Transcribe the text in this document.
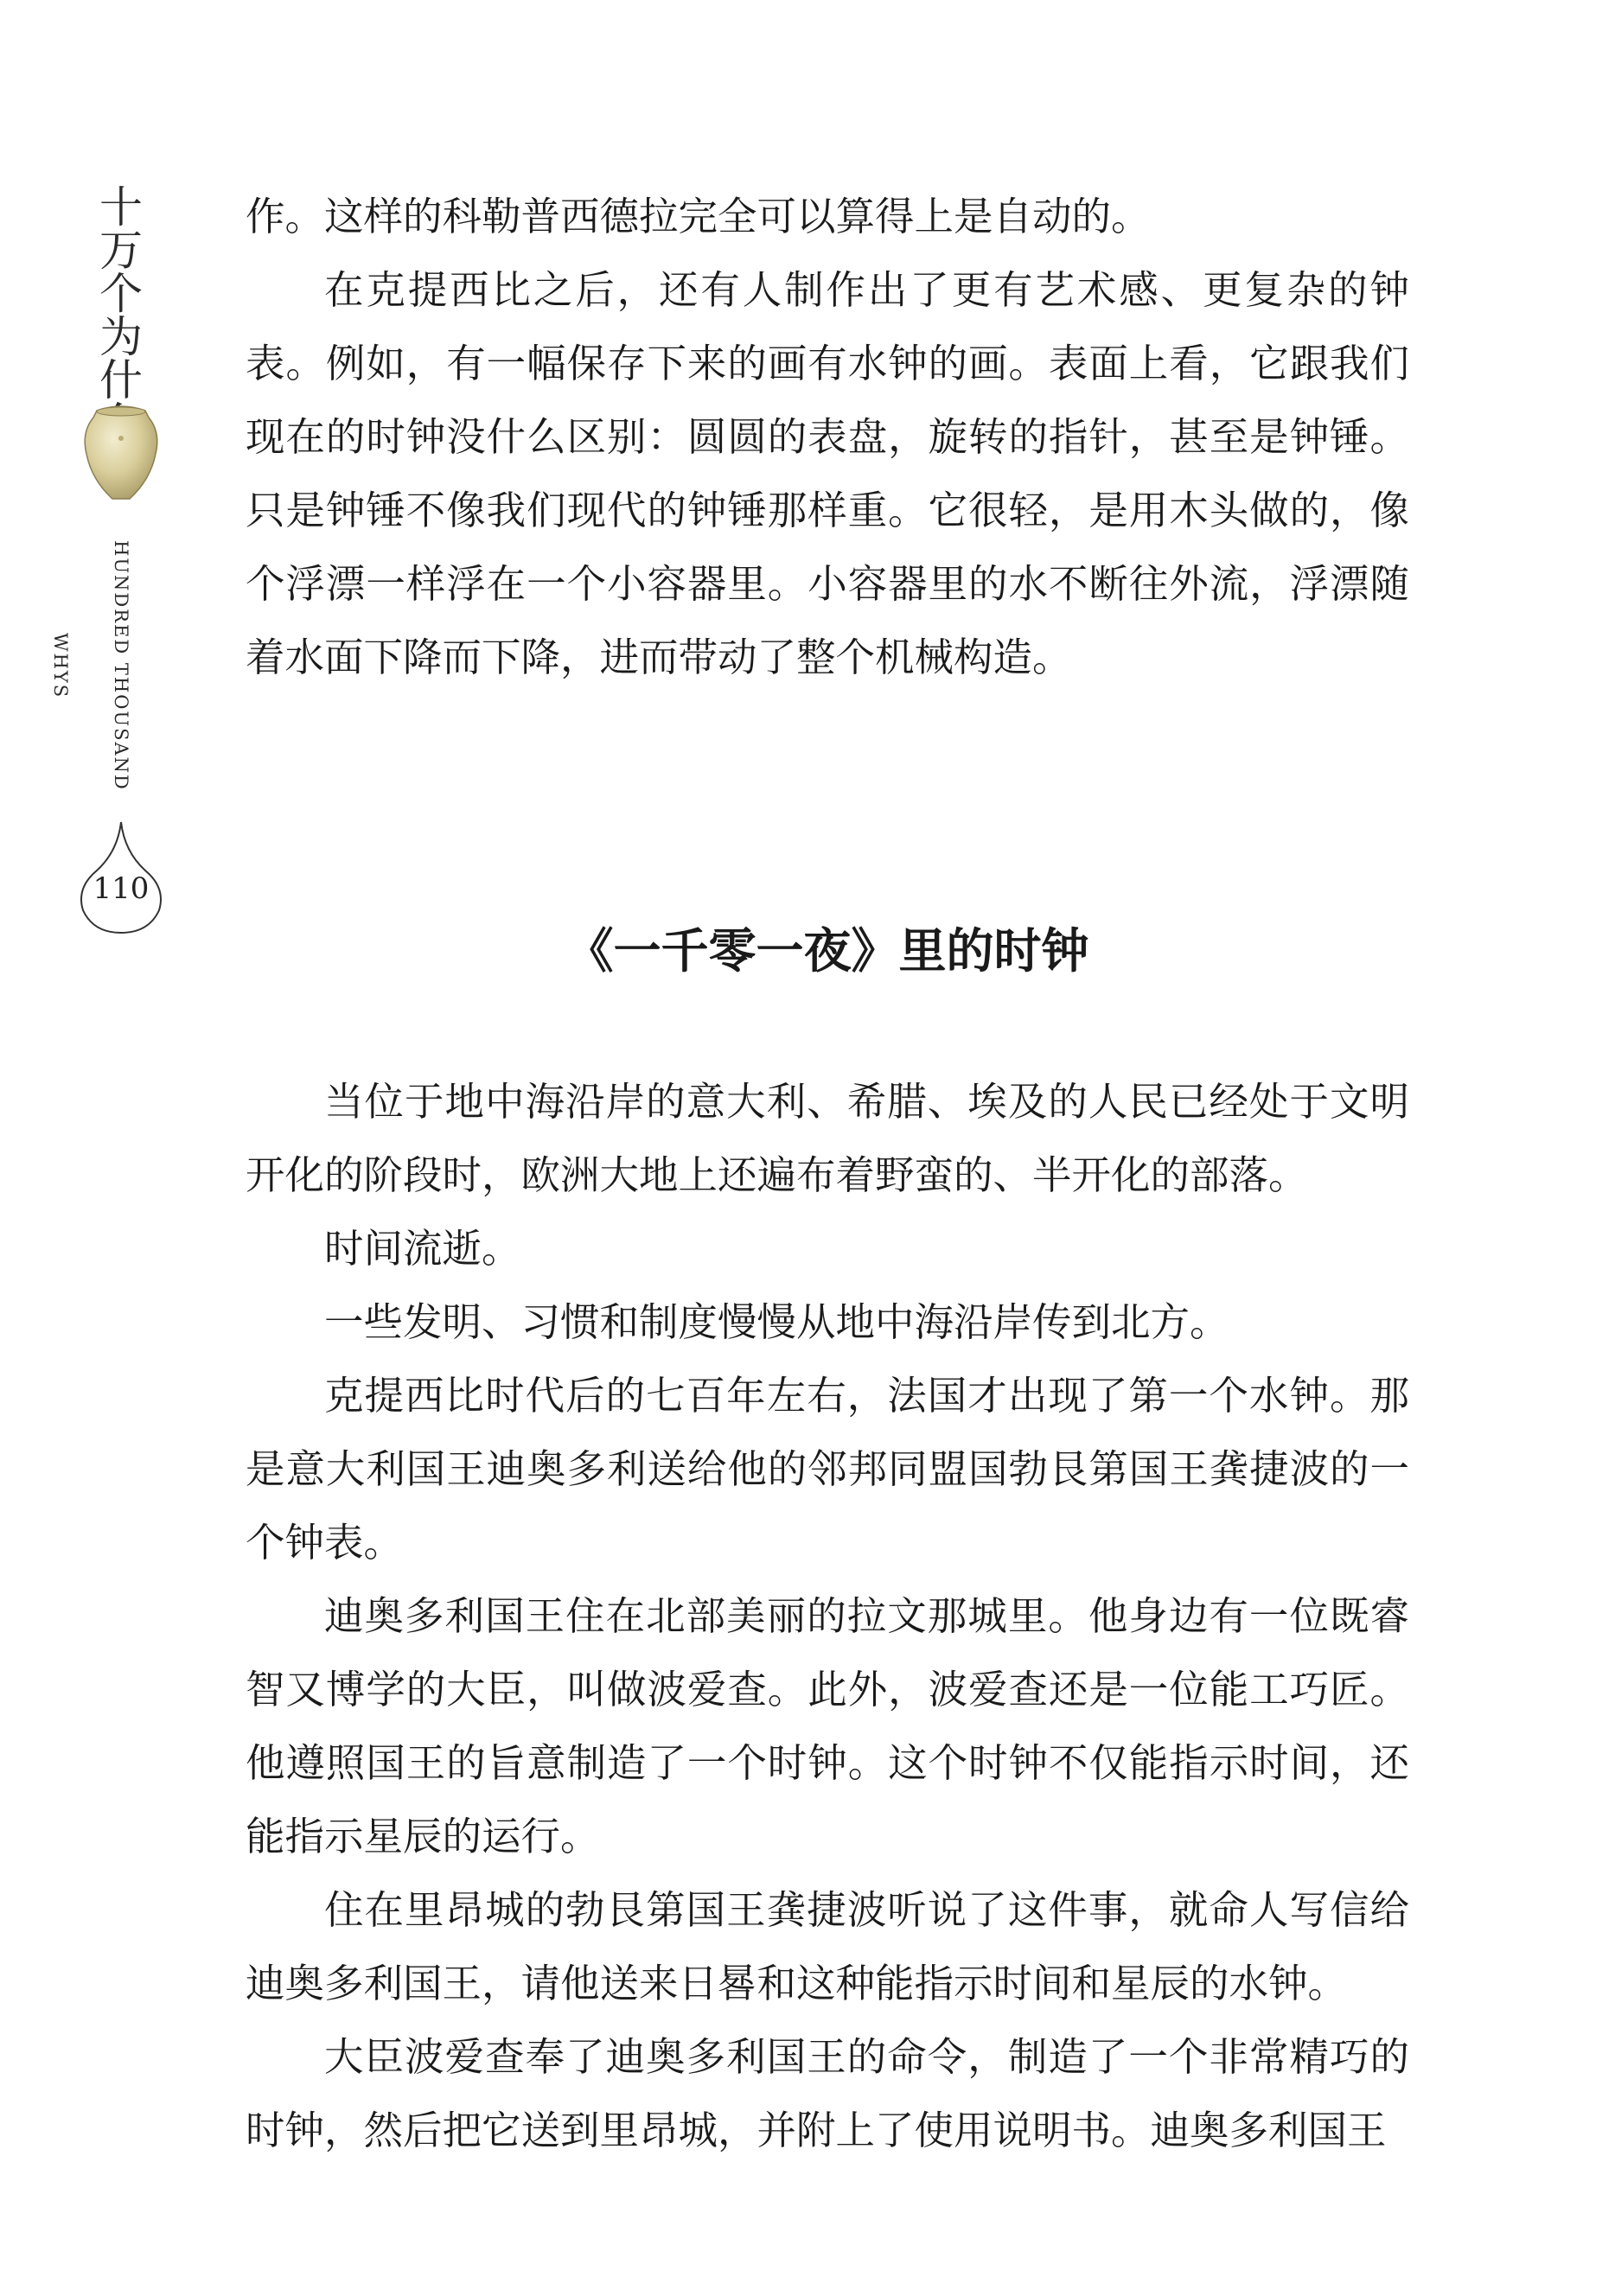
十
万
个
为
什
HUNDRED THOUSAND WHYS
110

作。这样的科勒普西德拉完全可以算得上是自动的。

在克提西比之后，还有人制作出了更有艺术感、更复杂的钟表。例如，有一幅保存下来的画有水钟的画。表面上看，它跟我们现在的时钟没什么区别：圆圆的表盘，旋转的指针，甚至是钟锤。只是钟锤不像我们现代的钟锤那样重。它很轻，是用木头做的，像个浮漂一样浮在一个小容器里。小容器里的水不断往外流，浮漂随着水面下降而下降，进而带动了整个机械构造。

《一千零一夜》里的时钟

当位于地中海沿岸的意大利、希腊、埃及的人民已经处于文明开化的阶段时，欧洲大地上还遍布着野蛮的、半开化的部落。

时间流逝。

一些发明、习惯和制度慢慢从地中海沿岸传到北方。

克提西比时代后的七百年左右，法国才出现了第一个水钟。那是意大利国王迪奥多利送给他的邻邦同盟国勃艮第国王龚捷波的一个钟表。

迪奥多利国王住在北部美丽的拉文那城里。他身边有一位既睿智又博学的大臣，叫做波爱查。此外，波爱查还是一位能工巧匠。他遵照国王的旨意制造了一个时钟。这个时钟不仅能指示时间，还能指示星辰的运行。

住在里昂城的勃艮第国王龚捷波听说了这件事，就命人写信给迪奥多利国王，请他送来日晷和这种能指示时间和星辰的水钟。

大臣波爱查奉了迪奥多利国王的命令，制造了一个非常精巧的时钟，然后把它送到里昂城，并附上了使用说明书。迪奥多利国王
